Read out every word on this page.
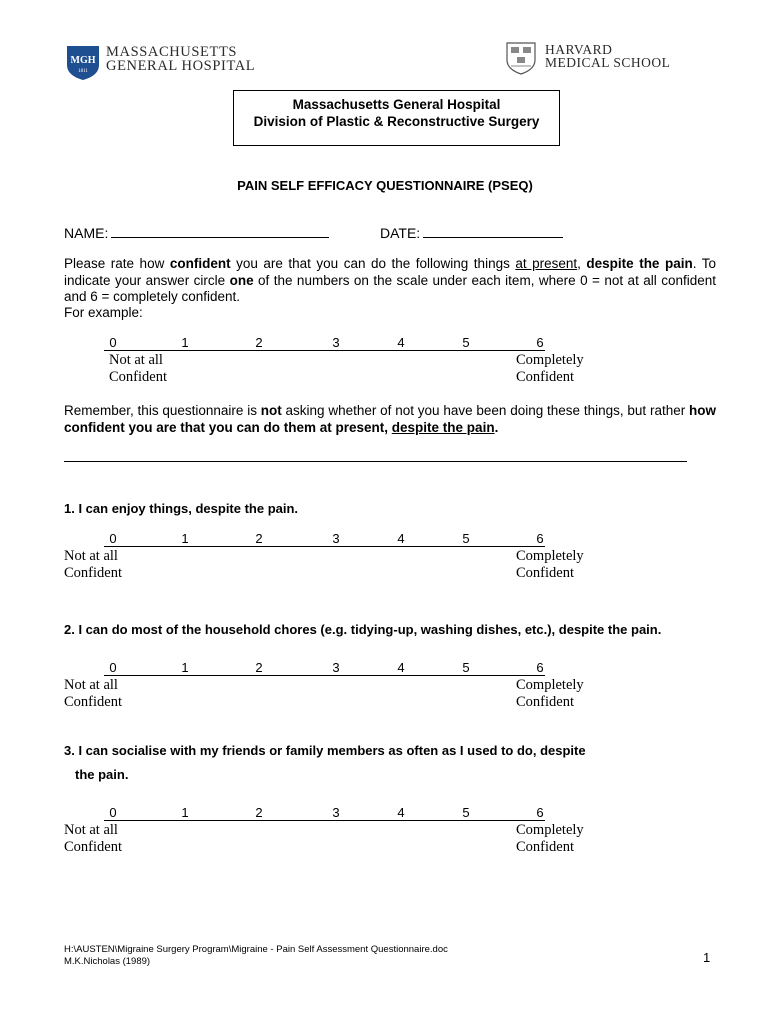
MGH
1811
MASSACHUSETTS
GENERAL HOSPITAL
HARVARD
MEDICAL SCHOOL
Massachusetts General Hospital
Division of Plastic & Reconstructive Surgery
PAIN SELF EFFICACY QUESTIONNAIRE (PSEQ)
NAME:	DATE:
Please rate how confident you are that you can do the following things at present, despite the pain. To indicate your answer circle one of the numbers on the scale under each item, where 0 = not at all confident and 6 = completely confident.
For example:
0	1	2	3	4	5	6
Not at all
Confident
Completely
Confident
Remember, this questionnaire is not asking whether of not you have been doing these things, but rather how confident you are that you can do them at present, despite the pain.
1. I can enjoy things, despite the pain.
0	1	2	3	4	5	6
Not at all
Confident
Completely
Confident
2. I can do most of the household chores (e.g. tidying-up, washing dishes, etc.), despite the pain.
0	1	2	3	4	5	6
Not at all
Confident
Completely
Confident
3. I can socialise with my friends or family members as often as I used to do, despite
the pain.
0	1	2	3	4	5	6
Not at all
Confident
Completely
Confident
H:\AUSTEN\Migraine Surgery Program\Migraine - Pain Self Assessment Questionnaire.doc
M.K.Nicholas (1989)	1
